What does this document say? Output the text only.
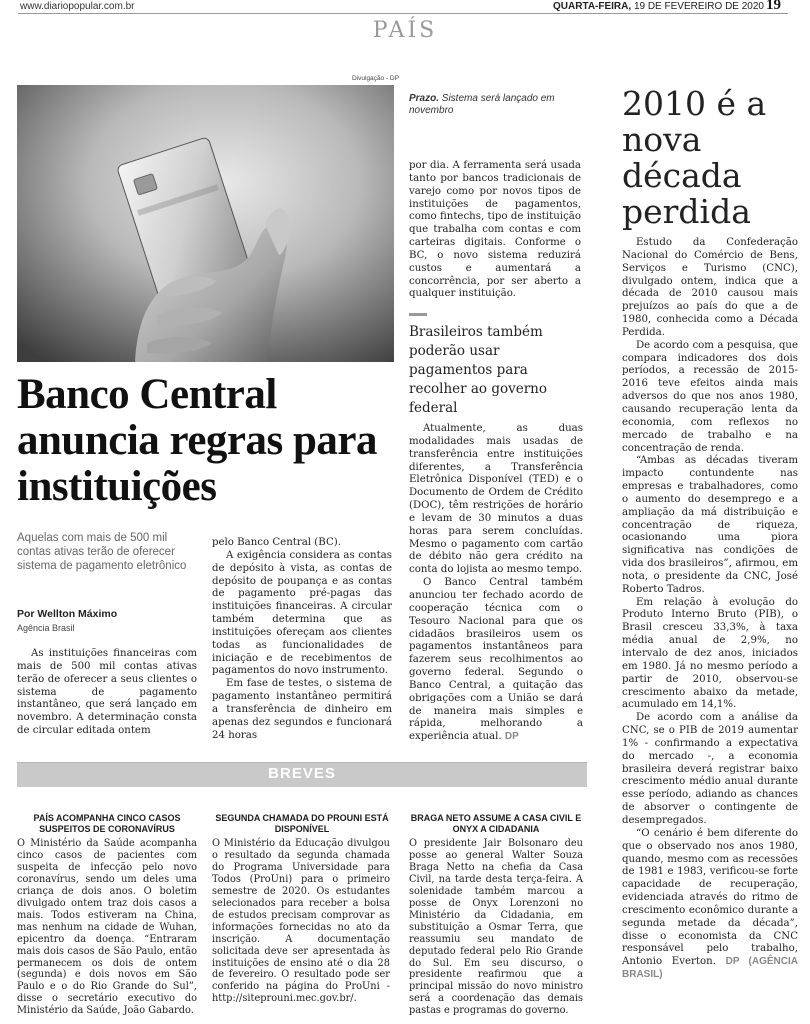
www.diariopopular.com.br	QUARTA-FEIRA, 19 DE FEVEREIRO DE 2020 19
PAÍS
Divulgação - DP
Prazo. Sistema será lançado em novembro
Banco Central anuncia regras para instituições
Aquelas com mais de 500 mil contas ativas terão de oferecer sistema de pagamento eletrônico
Por Wellton Máximo
Agência Brasil

As instituições financeiras com mais de 500 mil contas ativas terão de oferecer a seus clientes o sistema de pagamento instantâneo, que será lançado em novembro. A determinação consta de circular editada ontem

pelo Banco Central (BC).

A exigência considera as contas de depósito à vista, as contas de depósito de poupança e as contas de pagamento pré-pagas das instituições financeiras. A circular também determina que as instituições ofereçam aos clientes todas as funcionalidades de iniciação e de recebimentos de pagamentos do novo instrumento.

Em fase de testes, o sistema de pagamento instantâneo permitirá a transferência de dinheiro em apenas dez segundos e funcionará 24 horas

por dia. A ferramenta será usada tanto por bancos tradicionais de varejo como por novos tipos de instituições de pagamentos, como fintechs, tipo de instituição que trabalha com contas e com carteiras digitais. Conforme o BC, o novo sistema reduzirá custos e aumentará a concorrência, por ser aberto a qualquer instituição.

Brasileiros também poderão usar pagamentos para recolher ao governo federal

Atualmente, as duas modalidades mais usadas de transferência entre instituições diferentes, a Transferência Eletrônica Disponível (TED) e o Documento de Ordem de Crédito (DOC), têm restrições de horário e levam de 30 minutos a duas horas para serem concluídas. Mesmo o pagamento com cartão de débito não gera crédito na conta do lojista ao mesmo tempo.

O Banco Central também anunciou ter fechado acordo de cooperação técnica com o Tesouro Nacional para que os cidadãos brasileiros usem os pagamentos instantâneos para fazerem seus recolhimentos ao governo federal. Segundo o Banco Central, a quitação das obrigações com a União se dará de maneira mais simples e rápida, melhorando a experiência atual. DP

2010 é a nova década perdida

Estudo da Confederação Nacional do Comércio de Bens, Serviços e Turismo (CNC), divulgado ontem, indica que a década de 2010 causou mais prejuízos ao país do que a de 1980, conhecida como a Década Perdida.

De acordo com a pesquisa, que compara indicadores dos dois períodos, a recessão de 2015-2016 teve efeitos ainda mais adversos do que nos anos 1980, causando recuperação lenta da economia, com reflexos no mercado de trabalho e na concentração de renda.

“Ambas as décadas tiveram impacto contundente nas empresas e trabalhadores, como o aumento do desemprego e a ampliação da má distribuição e concentração de riqueza, ocasionando uma piora significativa nas condições de vida dos brasileiros”, afirmou, em nota, o presidente da CNC, José Roberto Tadros.

Em relação à evolução do Produto Interno Bruto (PIB), o Brasil cresceu 33,3%, à taxa média anual de 2,9%, no intervalo de dez anos, iniciados em 1980. Já no mesmo período a partir de 2010, observou-se crescimento abaixo da metade, acumulado em 14,1%.

De acordo com a análise da CNC, se o PIB de 2019 aumentar 1% - confirmando a expectativa do mercado -, a economia brasileira deverá registrar baixo crescimento médio anual durante esse período, adiando as chances de absorver o contingente de desempregados.

“O cenário é bem diferente do que o observado nos anos 1980, quando, mesmo com as recessões de 1981 e 1983, verificou-se forte capacidade de recuperação, evidenciada através do ritmo de crescimento econômico durante a segunda metade da década”, disse o economista da CNC responsável pelo trabalho, Antonio Everton. DP (AGÊNCIA BRASIL)

BREVES
PAÍS ACOMPANHA CINCO CASOS SUSPEITOS DE CORONAVÍRUS

O Ministério da Saúde acompanha cinco casos de pacientes com suspeita de infecção pelo novo coronavírus, sendo um deles uma criança de dois anos. O boletim divulgado ontem traz dois casos a mais. Todos estiveram na China, mas nenhum na cidade de Wuhan, epicentro da doença. “Entraram mais dois casos de São Paulo, então permanecem os dois de ontem (segunda) e dois novos em São Paulo e o do Rio Grande do Sul”, disse o secretário executivo do Ministério da Saúde, João Gabardo.

SEGUNDA CHAMADA DO PROUNI ESTÁ DISPONÍVEL

O Ministério da Educação divulgou o resultado da segunda chamada do Programa Universidade para Todos (ProUni) para o primeiro semestre de 2020. Os estudantes selecionados para receber a bolsa de estudos precisam comprovar as informações fornecidas no ato da inscrição. A documentação solicitada deve ser apresentada às instituições de ensino até o dia 28 de fevereiro. O resultado pode ser conferido na página do ProUni - http://siteprouni.mec.gov.br/.

BRAGA NETO ASSUME A CASA CIVIL E ONYX A CIDADANIA

O presidente Jair Bolsonaro deu posse ao general Walter Souza Braga Netto na chefia da Casa Civil, na tarde desta terça-feira. A solenidade também marcou a posse de Onyx Lorenzoni no Ministério da Cidadania, em substituição a Osmar Terra, que reassumiu seu mandato de deputado federal pelo Rio Grande do Sul. Em seu discurso, o presidente reafirmou que a principal missão do novo ministro será a coordenação das demais pastas e programas do governo.
